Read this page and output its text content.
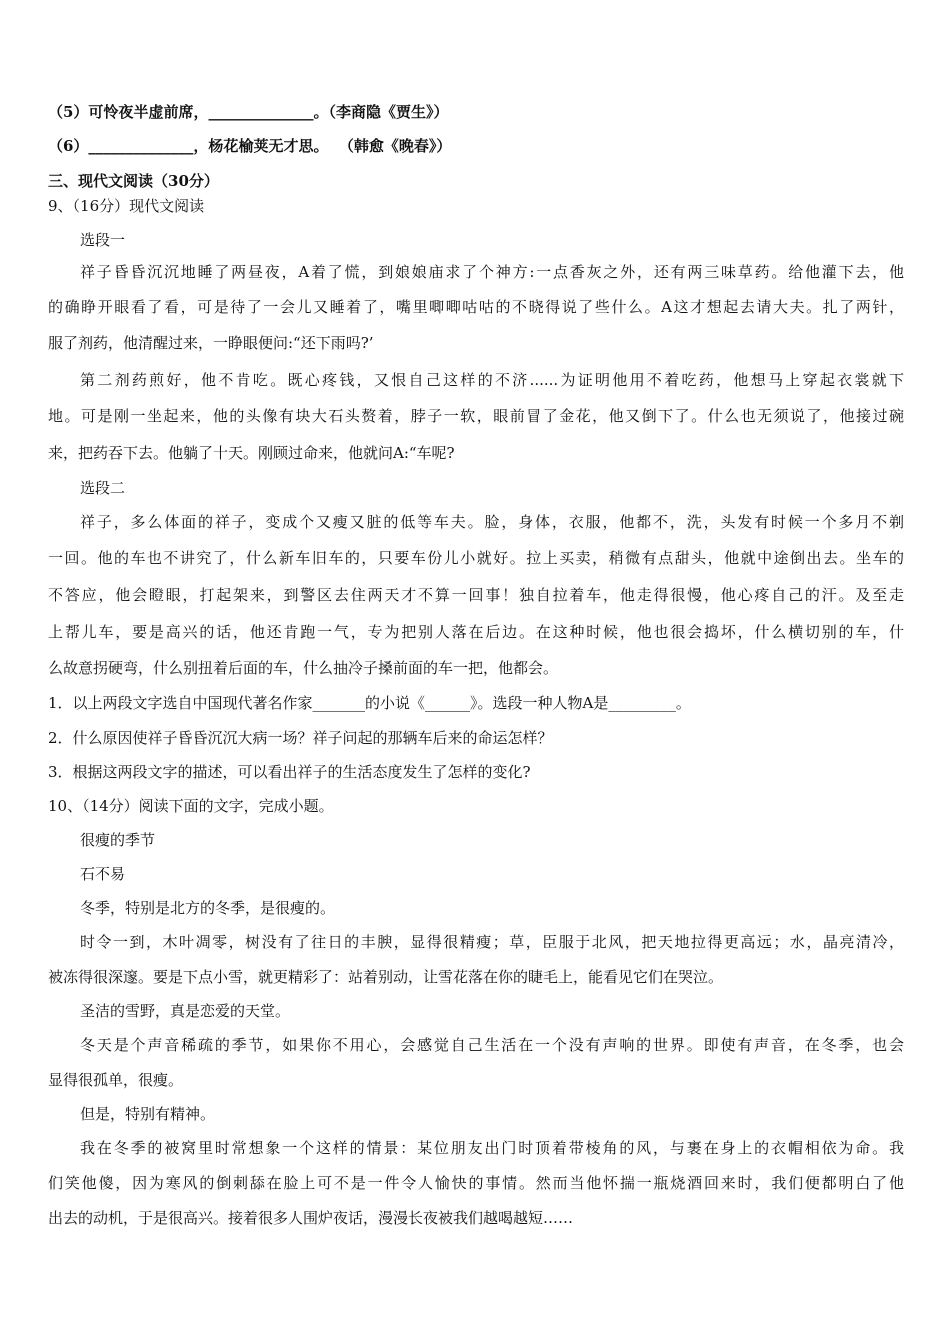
（5）可怜夜半虚前席，______________。（李商隐《贾生》）
（6）______________，杨花榆荚无才思。  （韩愈《晚春》）
三、现代文阅读（30分）
9、（16分）现代文阅读
选段一
祥子昏昏沉沉地睡了两昼夜，A着了慌，到娘娘庙求了个神方:一点香灰之外，还有两三味草药。给他灌下去，他
的确睁开眼看了看，可是待了一会儿又睡着了，嘴里唧唧咕咕的不晓得说了些什么。A这才想起去请大夫。扎了两针，
服了剂药，他清醒过来，一睁眼便问:“还下雨吗?’
第二剂药煎好，他不肯吃。既心疼钱，又恨自己这样的不济......为证明他用不着吃药，他想马上穿起衣裳就下
地。可是刚一坐起来，他的头像有块大石头赘着，脖子一软，眼前冒了金花，他又倒下了。什么也无须说了，他接过碗
来，把药吞下去。他躺了十天。刚顾过命来，他就问A:“车呢?
选段二
祥子，多么体面的祥子，变成个又瘦又脏的低等车夫。脸，身体，衣服，他都不，洗，头发有时候一个多月不剃
一回。他的车也不讲究了，什么新车旧车的，只要车份儿小就好。拉上买卖，稍微有点甜头，他就中途倒出去。坐车的
不答应，他会瞪眼，打起架来，到警区去住两天才不算一回事！独自拉着车，他走得很慢，他心疼自己的汗。及至走
上帮儿车，要是高兴的话，他还肯跑一气，专为把别人落在后边。在这种时候，他也很会捣坏，什么横切别的车，什
么故意拐硬弯，什么别扭着后面的车，什么抽冷子搡前面的车一把，他都会。
1．以上两段文字选自中国现代著名作家_______的小说《______》。选段一种人物A是_________。
2．什么原因使祥子昏昏沉沉大病一场？祥子问起的那辆车后来的命运怎样？
3．根据这两段文字的描述，可以看出祥子的生活态度发生了怎样的变化?
10、（14分）阅读下面的文字，完成小题。
很瘦的季节
石不易
冬季，特别是北方的冬季，是很瘦的。
时令一到，木叶凋零，树没有了往日的丰腴，显得很精瘦；草，臣服于北风，把天地拉得更高远；水，晶亮清冷，
被冻得很深邃。要是下点小雪，就更精彩了：站着别动，让雪花落在你的睫毛上，能看见它们在哭泣。
圣洁的雪野，真是恋爱的天堂。
冬天是个声音稀疏的季节，如果你不用心，会感觉自己生活在一个没有声响的世界。即使有声音，在冬季，也会
显得很孤单，很瘦。
但是，特别有精神。
我在冬季的被窝里时常想象一个这样的情景：某位朋友出门时顶着带棱角的风，与裹在身上的衣帽相依为命。我
们笑他傻，因为寒风的倒刺舔在脸上可不是一件令人愉快的事情。然而当他怀揣一瓶烧酒回来时，我们便都明白了他
出去的动机，于是很高兴。接着很多人围炉夜话，漫漫长夜被我们越喝越短……
